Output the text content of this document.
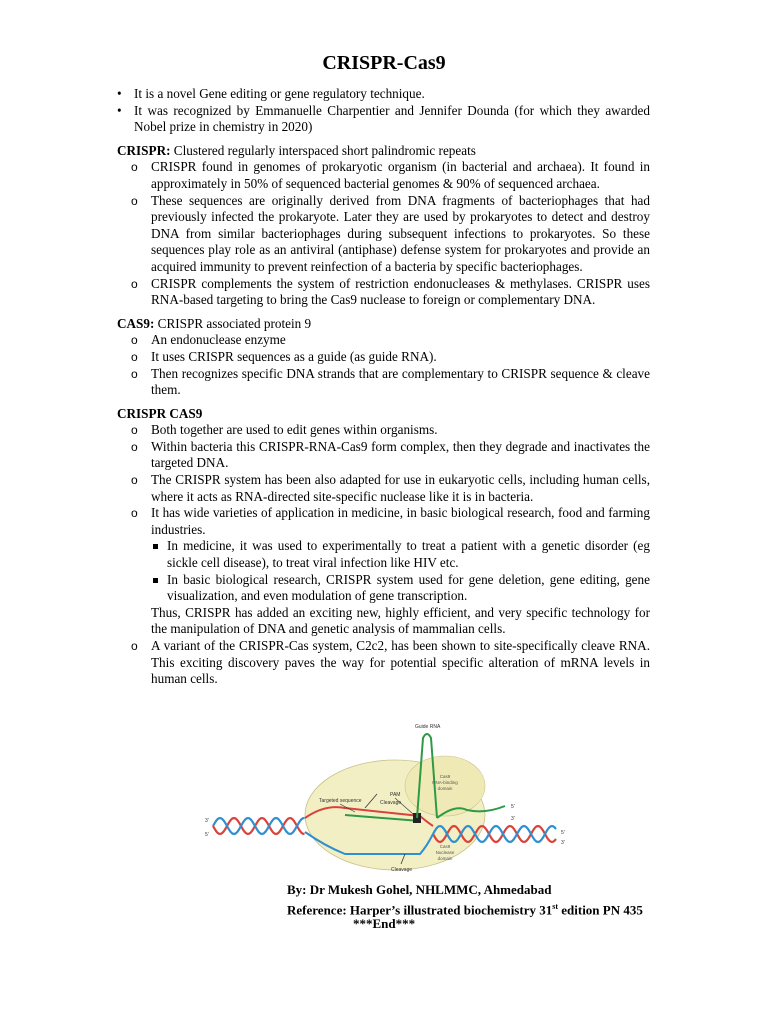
CRISPR-Cas9
• It is a novel Gene editing or gene regulatory technique.
• It was recognized by Emmanuelle Charpentier and Jennifer Dounda (for which they awarded Nobel prize in chemistry in 2020)
CRISPR: Clustered regularly interspaced short palindromic repeats
o CRISPR found in genomes of prokaryotic organism (in bacterial and archaea). It found in approximately in 50% of sequenced bacterial genomes & 90% of sequenced archaea.
o These sequences are originally derived from DNA fragments of bacteriophages that had previously infected the prokaryote. Later they are used by prokaryotes to detect and destroy DNA from similar bacteriophages during subsequent infections to prokaryotes. So these sequences play role as an antiviral (antiphase) defense system for prokaryotes and provide an acquired immunity to prevent reinfection of a bacteria by specific bacteriophages.
o CRISPR complements the system of restriction endonucleases & methylases. CRISPR uses RNA-based targeting to bring the Cas9 nuclease to foreign or complementary DNA.
CAS9: CRISPR associated protein 9
o An endonuclease enzyme
o It uses CRISPR sequences as a guide (as guide RNA).
o Then recognizes specific DNA strands that are complementary to CRISPR sequence & cleave them.
CRISPR CAS9
o Both together are used to edit genes within organisms.
o Within bacteria this CRISPR-RNA-Cas9 form complex, then they degrade and inactivates the targeted DNA.
o The CRISPR system has been also adapted for use in eukaryotic cells, including human cells, where it acts as RNA-directed site-specific nuclease like it is in bacteria.
o It has wide varieties of application in medicine, in basic biological research, food and farming industries.
In medicine, it was used to experimentally to treat a patient with a genetic disorder (eg sickle cell disease), to treat viral infection like HIV etc.
In basic biological research, CRISPR system used for gene deletion, gene editing, gene visualization, and even modulation of gene transcription.
Thus, CRISPR has added an exciting new, highly efficient, and very specific technology for the manipulation of DNA and genetic analysis of mammalian cells.
o A variant of the CRISPR-Cas system, C2c2, has been shown to site-specifically cleave RNA. This exciting discovery paves the way for potential specific alteration of mRNA levels in human cells.
Guide RNA
Cas9
RNA-binding
domain
PAM
Targeted sequence	Cleavage
Cleavage
Cas9
Nuclease
domain
3'
5'	5'
3'
5'
3'
By: Dr Mukesh Gohel, NHLMMC, Ahmedabad
Reference: Harper’s illustrated biochemistry 31st edition PN 435
***End***
